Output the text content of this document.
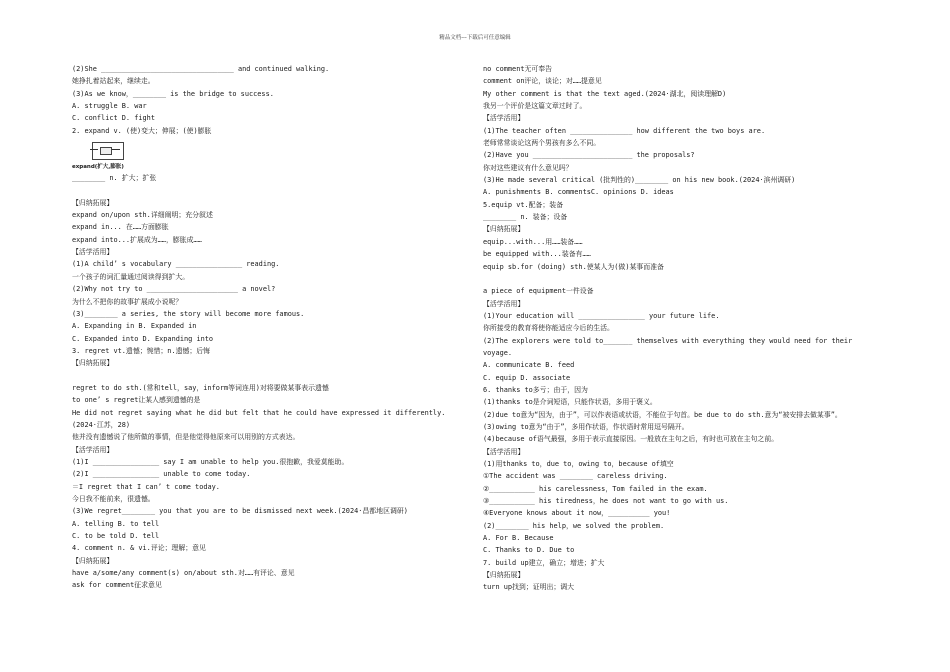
精品文档---下载后可任意编辑
(2)She ________________________________ and continued walking.
她挣扎着站起来，继续走。
(3)As we know，________ is the bridge to success.
A. struggle B. war
C. conflict D. fight
2. expand v. (使)变大；伸展；(使)膨胀
expand(扩大,膨胀)
________ n. 扩大；扩张
【归纳拓展】
expand on/upon sth.详细阐明；充分叙述
expand in... 在……方面膨胀
expand into...扩展成为……，膨胀成……
【活学活用】
(1)A child’ s vocabulary ________________ reading.
一个孩子的词汇量通过阅读得到扩大。
(2)Why not try to ______________________ a novel?
为什么不把你的故事扩展成小说呢？
(3)________ a series, the story will become more famous.
A. Expanding in B. Expanded in
C. Expanded into D. Expanding into
3. regret vt.遗憾；惋惜；n.遗憾；后悔
【归纳拓展】
regret to do sth.(常和tell，say，inform等词连用)对将要做某事表示遗憾
to one’ s regret让某人感到遗憾的是
He did not regret saying what he did but felt that he could have expressed it differently.
(2024·江苏，28)
他并没有遗憾说了他所做的事情，但是他觉得他原来可以用别的方式表达。
【活学活用】
(1)I ________________ say I am unable to help you.很抱歉，我爱莫能助。
(2)I ________________ unable to come today.
＝I regret that I can’ t come today.
今日我不能前来，很遗憾。
(3)We regret________ you that you are to be dismissed next week.(2024·昌都地区调研)
A. telling B. to tell
C. to be told D. tell
4. comment n. & vi.评论；理解；意见
【归纳拓展】
have a/some/any comment(s) on/about sth.对……有评论、意见
ask for comment征求意见
no comment无可奉告
comment on评论，谈论；对……提意见
My other comment is that the text aged.(2024·湖北，阅读理解D)
我另一个评价是这篇文章过时了。
【活学活用】
(1)The teacher often _______________ how different the two boys are.
老师常常谈论这两个男孩有多么不同。
(2)Have you ________________________ the proposals?
你对这些建议有什么意见吗？
(3)He made several critical (批判性的)________ on his new book.(2024·滨州调研)
A. punishments B. commentsC. opinions D. ideas
5.equip vt.配备；装备
________ n. 装备；设备
【归纳拓展】
equip...with...用……装备……
be equipped with...装备有……
equip sb.for (doing) sth.使某人为(做)某事而准备
a piece of equipment一件设备
【活学活用】
(1)Your education will ________________ your future life.
你所接受的教育将使你能适应今后的生活。
(2)The explorers were told to_______ themselves with everything they would need for their voyage.
A. communicate B. feed
C. equip D. associate
6. thanks to多亏；由于，因为
(1)thanks to是介词短语，只能作状语，多用于褒义。
(2)due to意为“因为，由于”，可以作表语或状语，不能位于句首。be due to do sth.意为“被安排去做某事”。
(3)owing to意为“由于”，多用作状语，作状语时常用逗号隔开。
(4)because of语气最强，多用于表示直接原因。一般放在主句之后，有时也可放在主句之前。
【活学活用】
(1)用thanks to，due to，owing to，because of填空
①The accident was ________ careless driving.
②___________ his carelessness，Tom failed in the exam.
③___________ his tiredness，he does not want to go with us.
④Everyone knows about it now，__________ you!
(2)________ his help，we solved the problem.
A. For B. Because
C. Thanks to D. Due to
7. build up建立，确立；增进；扩大
【归纳拓展】
turn up找到；证明出；调大
